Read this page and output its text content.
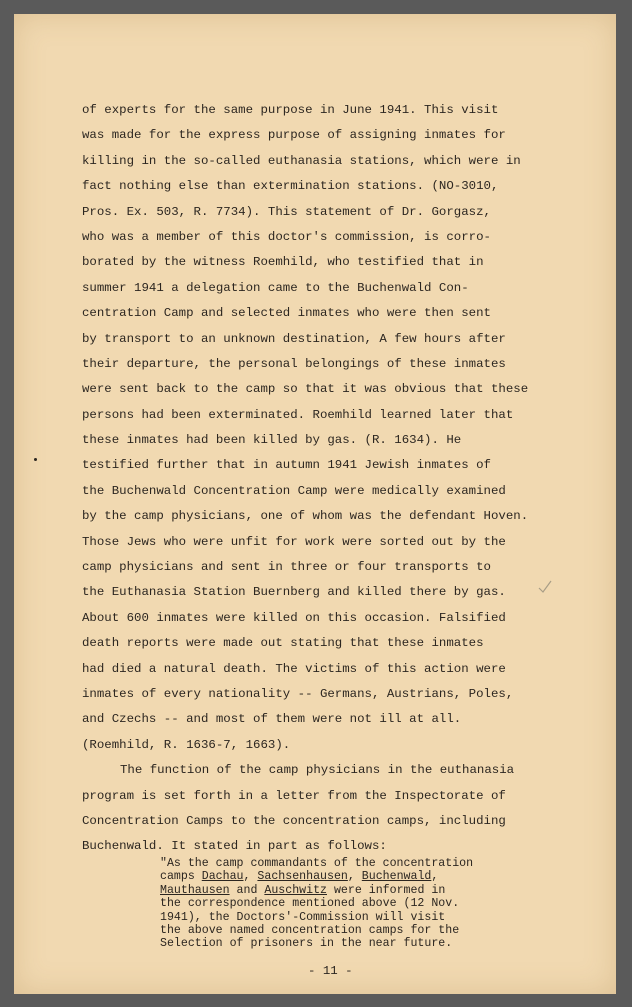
of experts for the same purpose in June 1941. This visit
was made for the express purpose of assigning inmates for
killing in the so-called euthanasia stations, which were in
fact nothing else than extermination stations. (NO-3010,
Pros. Ex. 503, R. 7734). This statement of Dr. Gorgasz,
who was a member of this doctor's commission, is corro-
borated by the witness Roemhild, who testified that in
summer 1941 a delegation came to the Buchenwald Con-
centration Camp and selected inmates who were then sent
by transport to an unknown destination, A few hours after
their departure, the personal belongings of these inmates
were sent back to the camp so that it was obvious that these
persons had been exterminated. Roemhild learned later that
these inmates had been killed by gas. (R. 1634). He
testified further that in autumn 1941 Jewish inmates of
the Buchenwald Concentration Camp were medically examined
by the camp physicians, one of whom was the defendant Hoven.
Those Jews who were unfit for work were sorted out by the
camp physicians and sent in three or four transports to
the Euthanasia Station Buernberg and killed there by gas.
About 600 inmates were killed on this occasion. Falsified
death reports were made out stating that these inmates
had died a natural death. The victims of this action were
inmates of every nationality -- Germans, Austrians, Poles,
and Czechs -- and most of them were not ill at all.
(Roemhild, R. 1636-7, 1663).
The function of the camp physicians in the euthanasia
program is set forth in a letter from the Inspectorate of
Concentration Camps to the concentration camps, including
Buchenwald. It stated in part as follows:
"As the camp commandants of the concentration
camps Dachau, Sachsenhausen, Buchenwald,
Mauthausen and Auschwitz were informed in
the correspondence mentioned above (12 Nov.
1941), the Doctors'-Commission will visit
the above named concentration camps for the
Selection of prisoners in the near future.
- 11 -
